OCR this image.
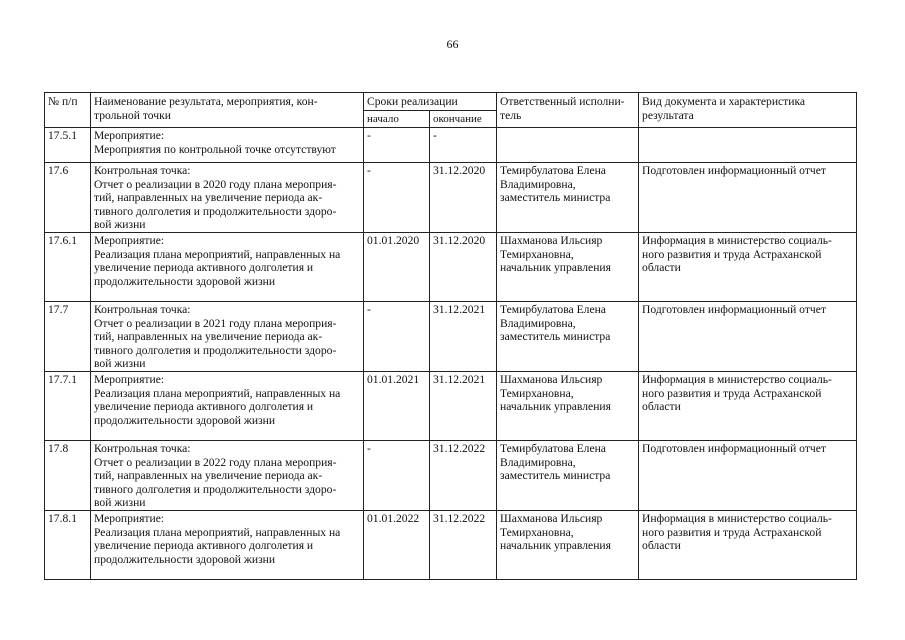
66
№ п/п	Наименование результата, мероприятия, кон-
трольной точки	Сроки реализации		Ответственный исполни-
тель	Вид документа и характеристика
результата

		начало	окончание		
17.5.1	Мероприятие:
Мероприятия по контрольной точке отсутствуют	-	-		
17.6	Контрольная точка:
Отчет о реализации в 2020 году плана мероприя-
тий, направленных на увеличение периода ак-
тивного долголетия и продолжительности здоро-
вой жизни	-	31.12.2020	Темирбулатова Елена
Владимировна,
заместитель министра	Подготовлен информационный отчет
17.6.1	Мероприятие:
Реализация плана мероприятий, направленных на
увеличение периода активного долголетия и
продолжительности здоровой жизни	01.01.2020	31.12.2020	Шахманова Ильсияр
Темирхановна,
начальник управления	Информация в министерство социаль-
ного развития и труда Астраханской
области

17.7	Контрольная точка:
Отчет о реализации в 2021 году плана мероприя-
тий, направленных на увеличение периода ак-
тивного долголетия и продолжительности здоро-
вой жизни	-	31.12.2021	Темирбулатова Елена
Владимировна,
заместитель министра	Подготовлен информационный отчет
17.7.1	Мероприятие:
Реализация плана мероприятий, направленных на
увеличение периода активного долголетия и
продолжительности здоровой жизни	01.01.2021	31.12.2021	Шахманова Ильсияр
Темирхановна,
начальник управления	Информация в министерство социаль-
ного развития и труда Астраханской
области

17.8	Контрольная точка:
Отчет о реализации в 2022 году плана мероприя-
тий, направленных на увеличение периода ак-
тивного долголетия и продолжительности здоро-
вой жизни	-	31.12.2022	Темирбулатова Елена
Владимировна,
заместитель министра	Подготовлен информационный отчет
17.8.1	Мероприятие:
Реализация плана мероприятий, направленных на
увеличение периода активного долголетия и
продолжительности здоровой жизни	01.01.2022	31.12.2022	Шахманова Ильсияр
Темирхановна,
начальник управления	Информация в министерство социаль-
ного развития и труда Астраханской
области
